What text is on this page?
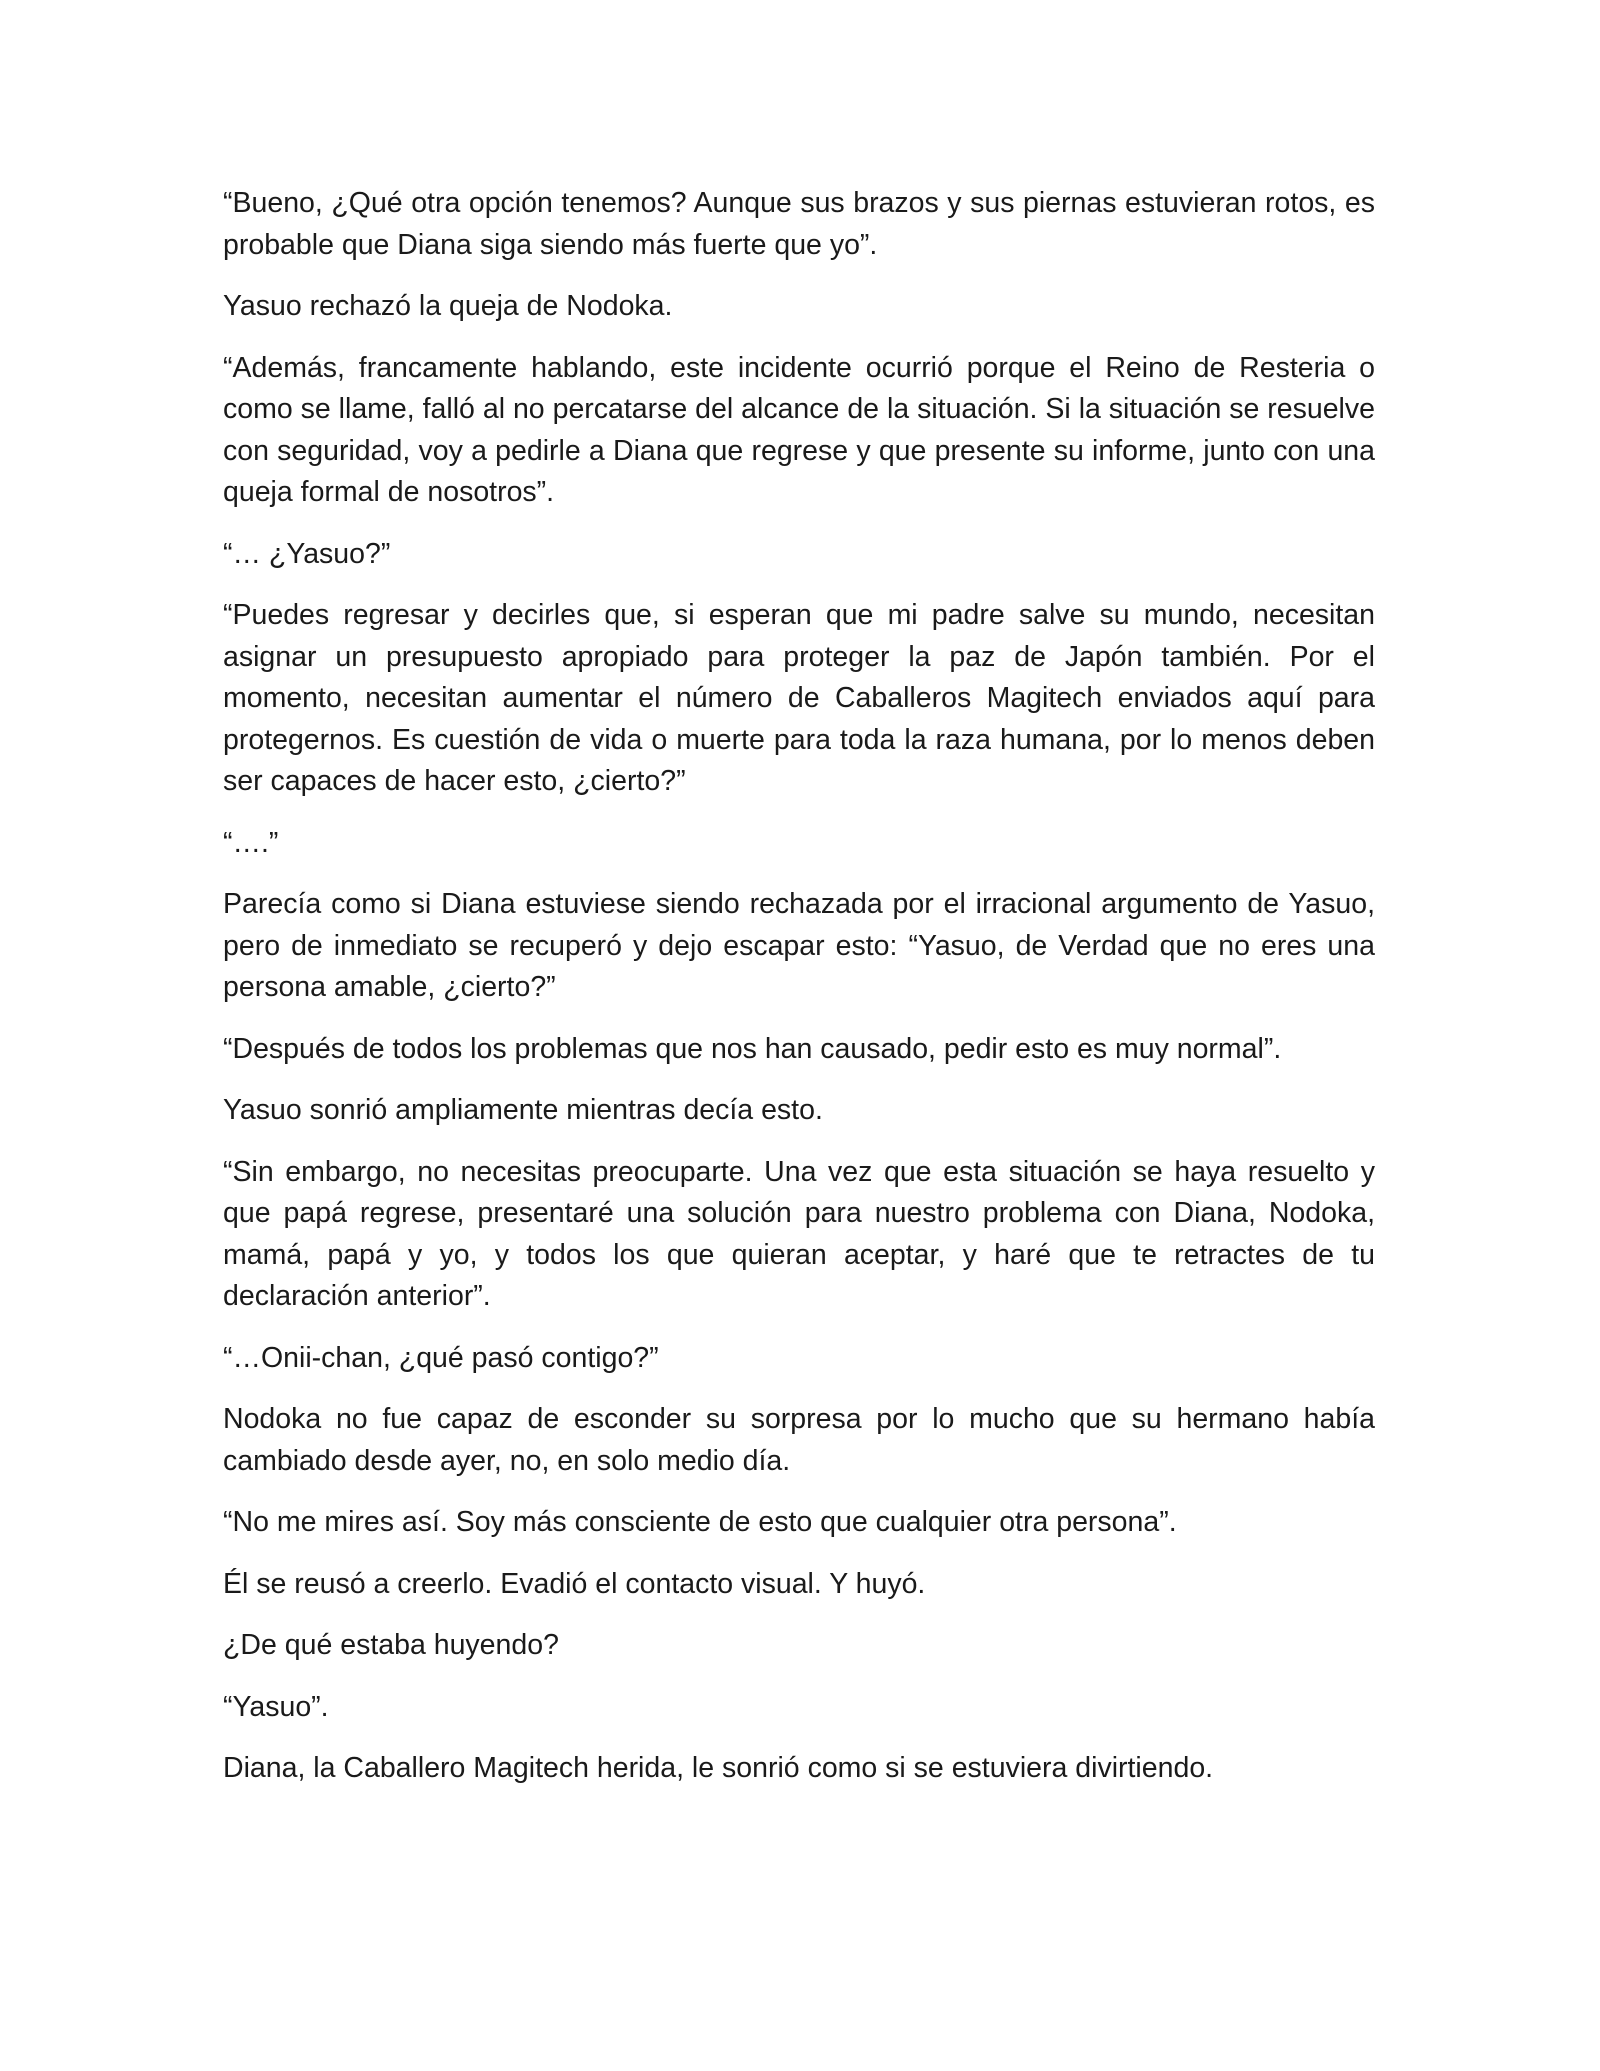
“Bueno, ¿Qué otra opción tenemos? Aunque sus brazos y sus piernas estuvieran rotos, es probable que Diana siga siendo más fuerte que yo”.

Yasuo rechazó la queja de Nodoka.

“Además, francamente hablando, este incidente ocurrió porque el Reino de Resteria o como se llame, falló al no percatarse del alcance de la situación. Si la situación se resuelve con seguridad, voy a pedirle a Diana que regrese y que presente su informe, junto con una queja formal de nosotros”.

“… ¿Yasuo?”

“Puedes regresar y decirles que, si esperan que mi padre salve su mundo, necesitan asignar un presupuesto apropiado para proteger la paz de Japón también. Por el momento, necesitan aumentar el número de Caballeros Magitech enviados aquí para protegernos. Es cuestión de vida o muerte para toda la raza humana, por lo menos deben ser capaces de hacer esto, ¿cierto?”

“….”

Parecía como si Diana estuviese siendo rechazada por el irracional argumento de Yasuo, pero de inmediato se recuperó y dejo escapar esto: “Yasuo, de Verdad que no eres una persona amable, ¿cierto?”

“Después de todos los problemas que nos han causado, pedir esto es muy normal”.

Yasuo sonrió ampliamente mientras decía esto.

“Sin embargo, no necesitas preocuparte. Una vez que esta situación se haya resuelto y que papá regrese, presentaré una solución para nuestro problema con Diana, Nodoka, mamá, papá y yo, y todos los que quieran aceptar, y haré que te retractes de tu declaración anterior”.

“…Onii-chan, ¿qué pasó contigo?”

Nodoka no fue capaz de esconder su sorpresa por lo mucho que su hermano había cambiado desde ayer, no, en solo medio día.

“No me mires así. Soy más consciente de esto que cualquier otra persona”.

Él se reusó a creerlo. Evadió el contacto visual. Y huyó.

¿De qué estaba huyendo?

“Yasuo”.

Diana, la Caballero Magitech herida, le sonrió como si se estuviera divirtiendo.
